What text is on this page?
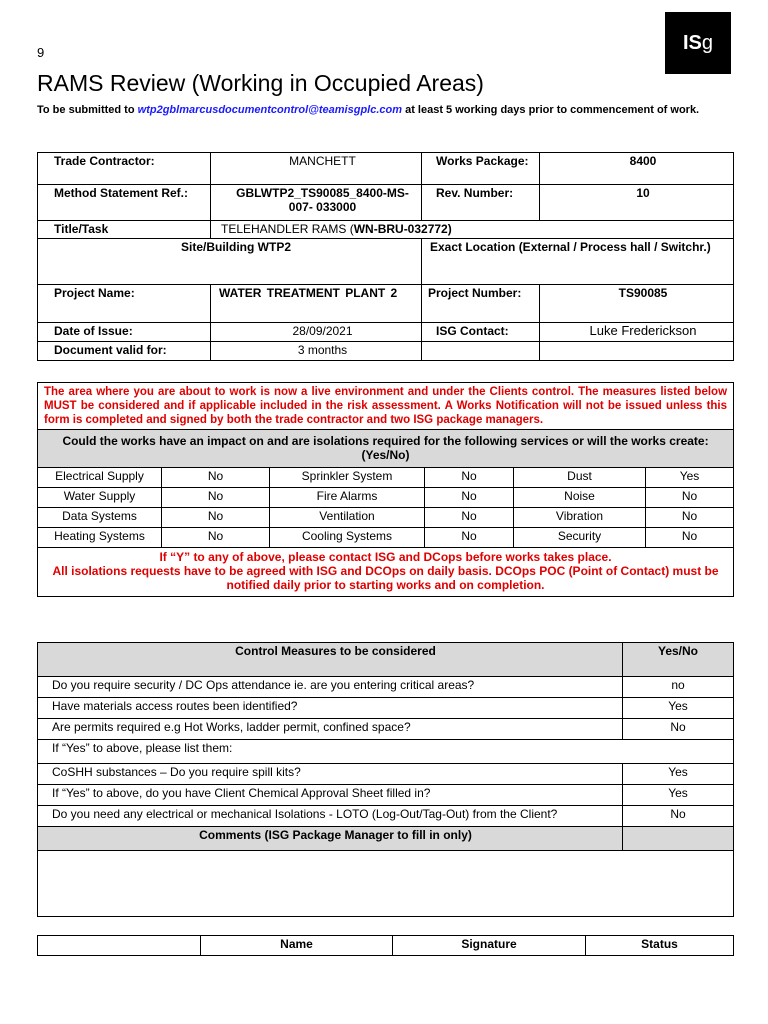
9	IS g
RAMS Review (Working in Occupied Areas)
To be submitted to wtp2gblmarcusdocumentcontrol@teamisgplc.com at least 5 working days prior to commencement of work.
Trade Contractor:	MANCHETT	Works Package:	8400
Method Statement Ref.:	GBLWTP2_TS90085_8400-MS-007- 033000	Rev. Number:	10
Title/Task	TELEHANDLER RAMS (WN-BRU-032772)		
Site/Building WTP2		Exact Location (External / Process hall / Switchr.)	
Project Name:	WATER TREATMENT PLANT 2	Project Number:	TS90085
Date of Issue:	28/09/2021	ISG Contact:	Luke Frederickson
Document valid for:	3 months		
The area where you are about to work is now a live environment and under the Clients control. The measures listed below MUST be considered and if applicable included in the risk assessment. A Works Notification will not be issued unless this form is completed and signed by both the trade contractor and two ISG package managers.					
Could the works have an impact on and are isolations required for the following services or will the works create: (Yes/No)					
Electrical Supply	No	Sprinkler System	No	Dust	Yes
Water Supply	No	Fire Alarms	No	Noise	No
Data Systems	No	Ventilation	No	Vibration	No
Heating Systems	No	Cooling Systems	No	Security	No

If “Y” to any of above, please contact ISG and DCops before works takes place.
All isolations requests have to be agreed with ISG and DCOps on daily basis. DCOps POC (Point of Contact) must be notified daily prior to starting works and on completion.					
Control Measures to be considered	Yes/No
Do you require security / DC Ops attendance ie. are you entering critical areas?	no
Have materials access routes been identified?	Yes
Are permits required e.g Hot Works, ladder permit, confined space?	No
If “Yes” to above, please list them:	
CoSHH substances – Do you require spill kits?	Yes
If “Yes” to above, do you have Client Chemical Approval Sheet filled in?	Yes
Do you need any electrical or mechanical Isolations - LOTO (Log-Out/Tag-Out) from the Client?	No
Comments (ISG Package Manager to fill in only)	

	Name	Signature	Status
